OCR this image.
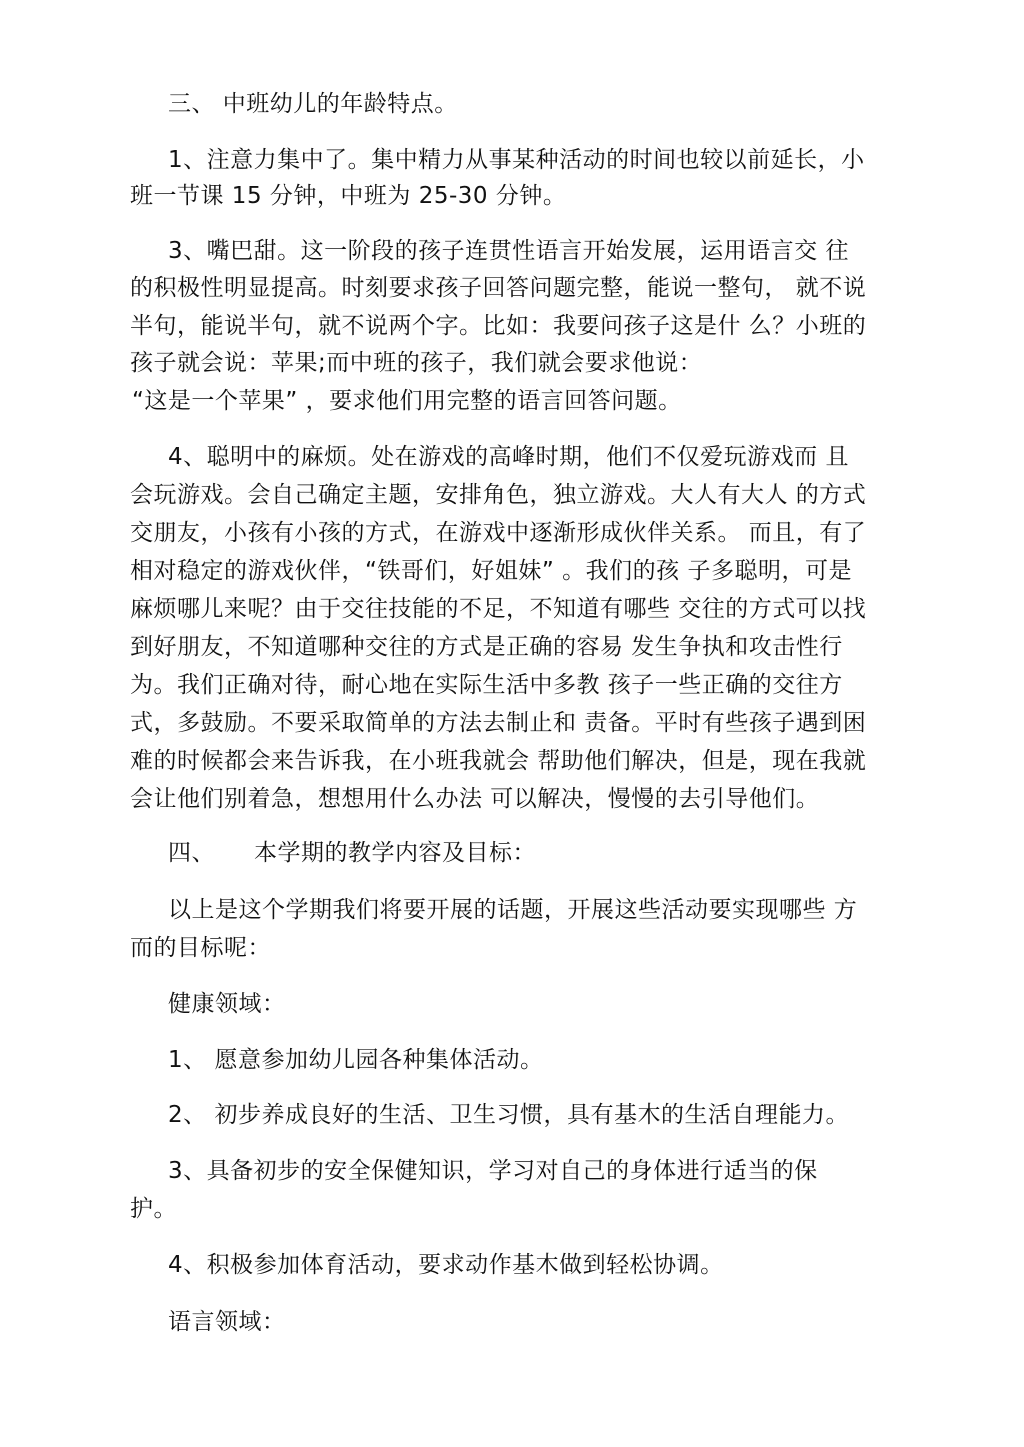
三、 中班幼儿的年龄特点。
1、注意力集中了。集中精力从事某种活动的时间也较以前延长，小
班一节课 15 分钟，中班为 25-30 分钟。
3、嘴巴甜。这一阶段的孩子连贯性语言开始发展，运用语言交 往
的积极性明显提高。时刻要求孩子回答问题完整，能说一整句， 就不说
半句，能说半句，就不说两个字。比如：我要问孩子这是什 么？小班的
孩子就会说：苹果;而中班的孩子，我们就会要求他说：
“这是一个苹果” ，要求他们用完整的语言回答问题。
4、聪明中的麻烦。处在游戏的高峰时期，他们不仅爱玩游戏而 且
会玩游戏。会自己确定主题，安排角色，独立游戏。大人有大人 的方式
交朋友，小孩有小孩的方式，在游戏中逐渐形成伙伴关系。 而且，有了
相对稳定的游戏伙伴，“铁哥们，好姐妹” 。我们的孩 子多聪明，可是
麻烦哪儿来呢？由于交往技能的不足，不知道有哪些 交往的方式可以找
到好朋友，不知道哪种交往的方式是正确的容易 发生争执和攻击性行
为。我们正确对待，耐心地在实际生活中多教 孩子一些正确的交往方
式，多鼓励。不要采取简单的方法去制止和 责备。平时有些孩子遇到困
难的时候都会来告诉我，在小班我就会 帮助他们解决，但是，现在我就
会让他们别着急，想想用什么办法 可以解决，慢慢的去引导他们。
四、     本学期的教学内容及目标：
以上是这个学期我们将要开展的话题，开展这些活动要实现哪些 方
而的目标呢：
健康领域：
1、 愿意参加幼儿园各种集体活动。
2、 初步养成良好的生活、卫生习惯，具有基木的生活自理能力。
3、具备初步的安全保健知识，学习对自己的身体进行适当的保
护。
4、积极参加体育活动，要求动作基木做到轻松协调。
语言领域：
